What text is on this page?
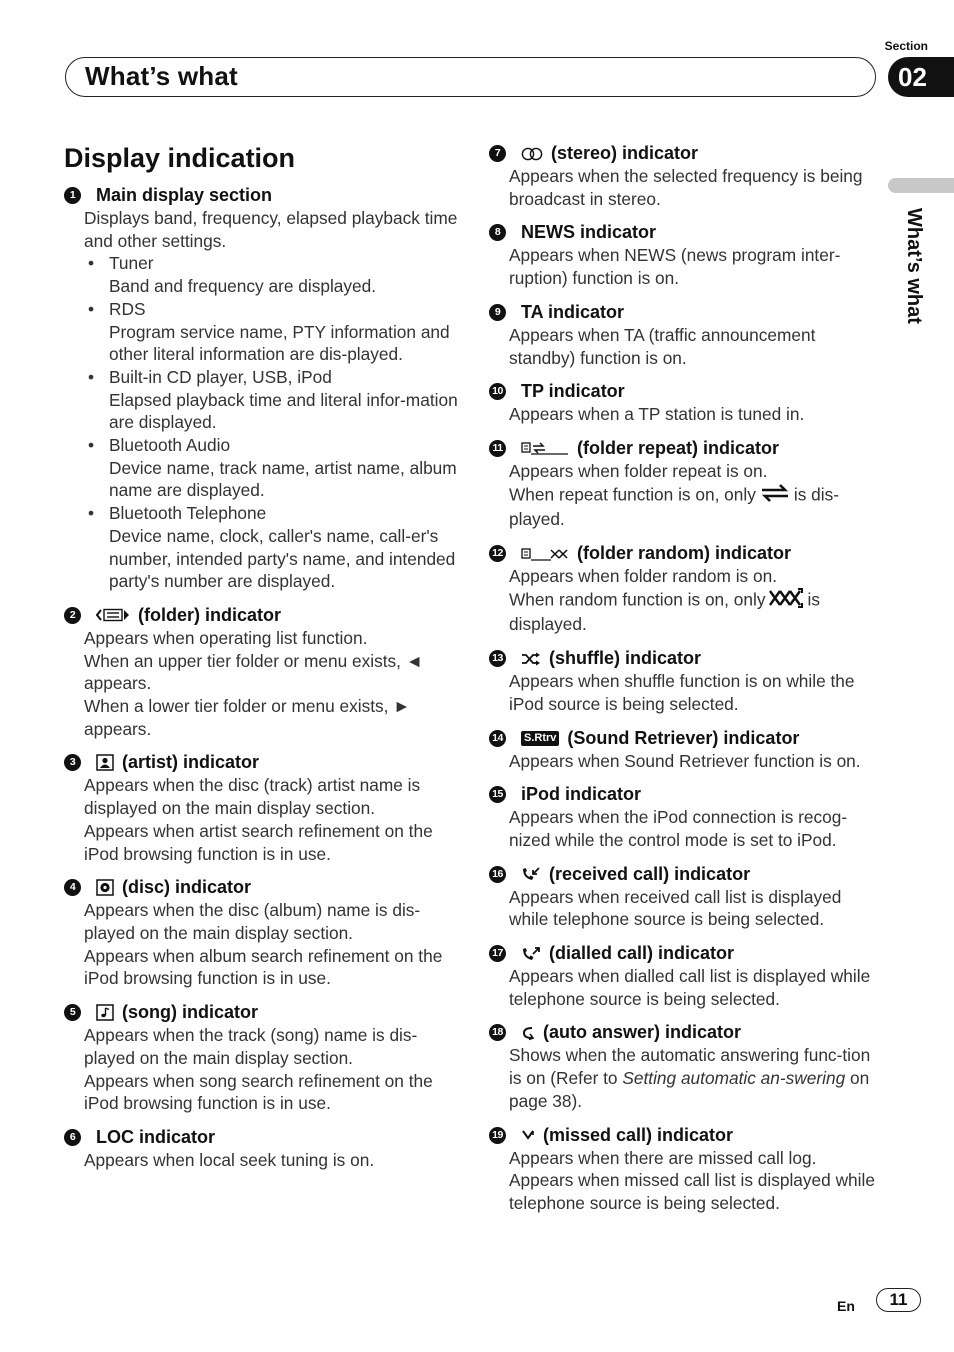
Section
What’s what	02
What’s what
Display indication
1	Main display section

Displays band, frequency, elapsed playback time and other settings.

• Tuner
Band and frequency are displayed.
• RDS
Program service name, PTY information and other literal information are dis-played.
• Built-in CD player, USB, iPod
Elapsed playback time and literal infor-mation are displayed.
• Bluetooth Audio
Device name, track name, artist name, album name are displayed.
• Bluetooth Telephone
Device name, clock, caller's name, call-er's number, intended party's name, and intended party's number are displayed.
2	(folder) indicator

Appears when operating list function.

When an upper tier folder or menu exists, ◄ appears.

When a lower tier folder or menu exists, ► appears.

3	(artist) indicator

Appears when the disc (track) artist name is displayed on the main display section.

Appears when artist search refinement on the iPod browsing function is in use.

4	(disc) indicator

Appears when the disc (album) name is dis-played on the main display section.

Appears when album search refinement on the iPod browsing function is in use.

5	(song) indicator

Appears when the track (song) name is dis-played on the main display section.

Appears when song search refinement on the iPod browsing function is in use.

6	LOC indicator

Appears when local seek tuning is on.

7	(stereo) indicator

Appears when the selected frequency is being broadcast in stereo.

8	NEWS indicator

Appears when NEWS (news program inter-ruption) function is on.

9	TA indicator

Appears when TA (traffic announcement standby) function is on.

10 TP indicator

Appears when a TP station is tuned in.

11	(folder repeat) indicator

Appears when folder repeat is on.

When repeat function is on, only is dis-played.

12	(folder random) indicator

Appears when folder random is on.

When random function is on, only is displayed.

13	(shuffle) indicator

Appears when shuffle function is on while the iPod source is being selected.

14 S.Rtrv (Sound Retriever) indicator

Appears when Sound Retriever function is on.

15 iPod indicator

Appears when the iPod connection is recog-nized while the control mode is set to iPod.

16	(received call) indicator

Appears when received call list is displayed while telephone source is being selected.

17	(dialled call) indicator

Appears when dialled call list is displayed while telephone source is being selected.

18 (auto answer) indicator

Shows when the automatic answering func-tion is on (Refer to Setting automatic an-swering on page 38).

19 (missed call) indicator

Appears when there are missed call log.

Appears when missed call list is displayed while telephone source is being selected.

En	11
